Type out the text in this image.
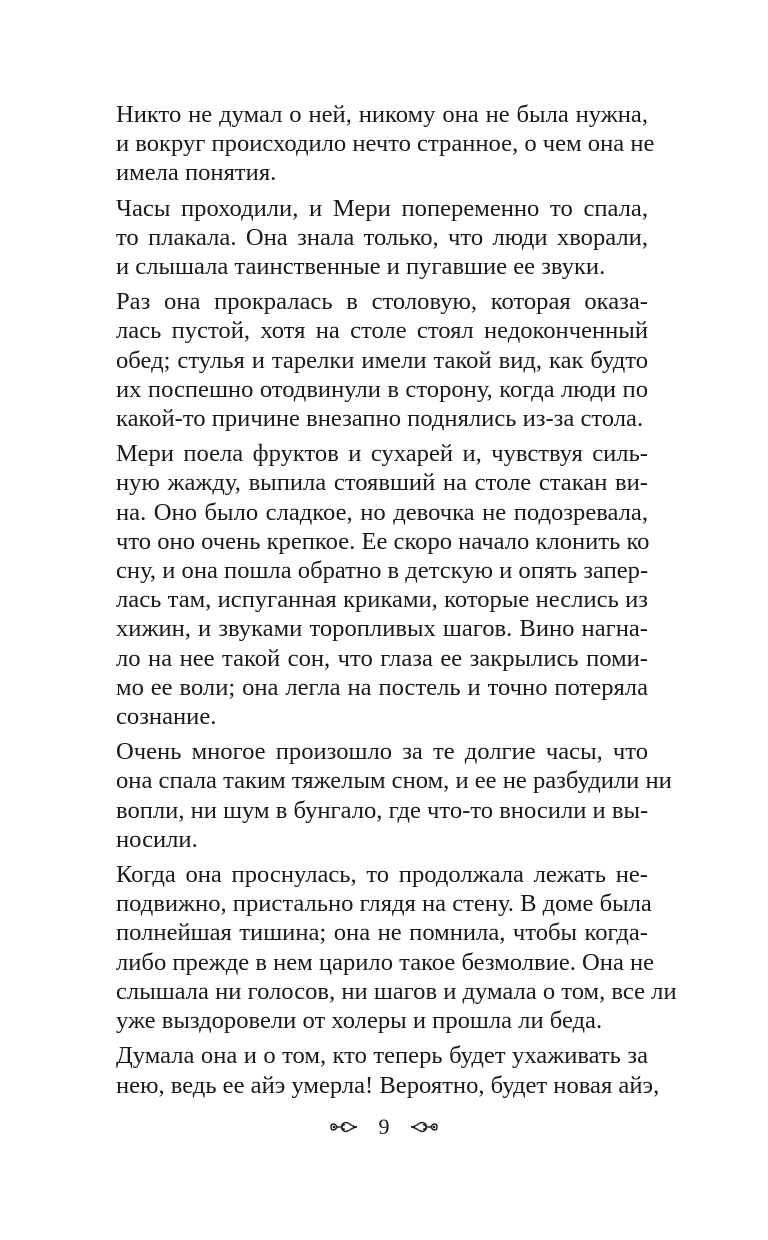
Никто не думал о ней, никому она не была нужна,
и вокруг происходило нечто странное, о чем она не
имела понятия.

Часы проходили, и Мери попеременно то спала,
то плакала. Она знала только, что люди хворали,
и слышала таинственные и пугавшие ее звуки.

Раз она прокралась в столовую, которая оказа-
лась пустой, хотя на столе стоял недоконченный
обед; стулья и тарелки имели такой вид, как будто
их поспешно отодвинули в сторону, когда люди по
какой-то причине внезапно поднялись из-за стола.

Мери поела фруктов и сухарей и, чувствуя силь-
ную жажду, выпила стоявший на столе стакан ви-
на. Оно было сладкое, но девочка не подозревала,
что оно очень крепкое. Ее скоро начало клонить ко
сну, и она пошла обратно в детскую и опять запер-
лась там, испуганная криками, которые неслись из
хижин, и звуками торопливых шагов. Вино нагна-
ло на нее такой сон, что глаза ее закрылись поми-
мо ее воли; она легла на постель и точно потеряла
сознание.

Очень многое произошло за те долгие часы, что
она спала таким тяжелым сном, и ее не разбудили ни
вопли, ни шум в бунгало, где что-то вносили и вы-
носили.

Когда она проснулась, то продолжала лежать не-
подвижно, пристально глядя на стену. В доме была
полнейшая тишина; она не помнила, чтобы когда-
либо прежде в нем царило такое безмолвие. Она не
слышала ни голосов, ни шагов и думала о том, все ли
уже выздоровели от холеры и прошла ли беда.

Думала она и о том, кто теперь будет ухаживать за
нею, ведь ее айэ умерла! Вероятно, будет новая айэ,

9
